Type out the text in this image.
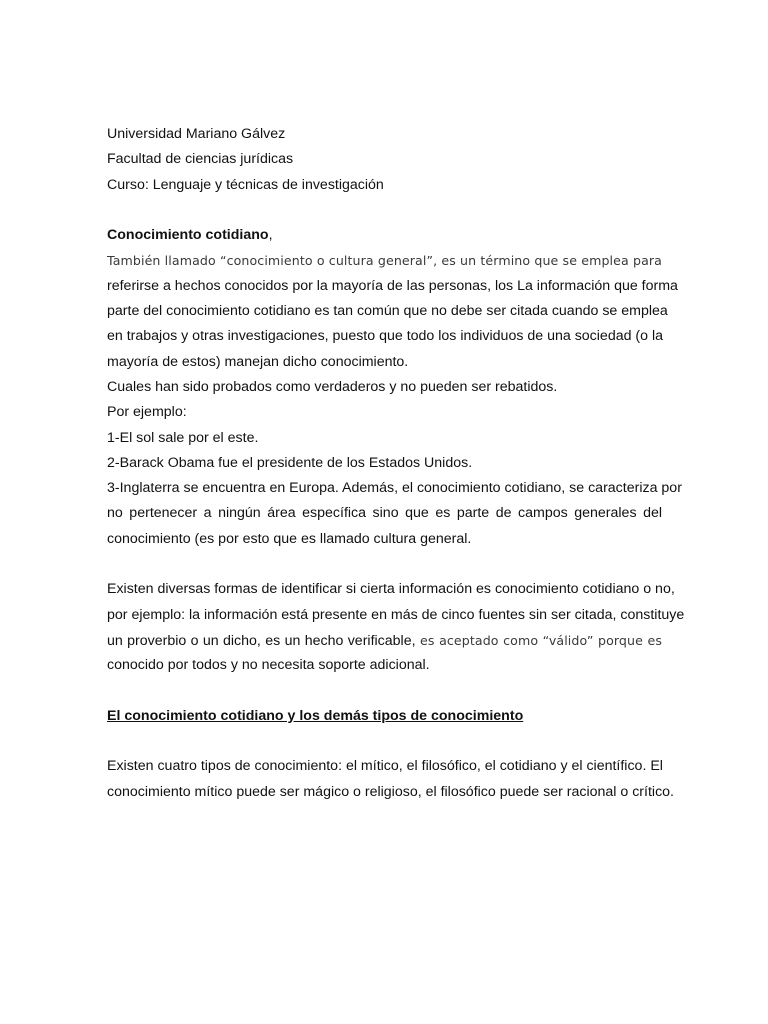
Universidad Mariano Gálvez
Facultad de ciencias jurídicas
Curso: Lenguaje y técnicas de investigación
Conocimiento cotidiano,
También llamado “conocimiento o cultura general”, es un término que se emplea para
referirse a hechos conocidos por la mayoría de las personas, los La información que forma
parte del conocimiento cotidiano es tan común que no debe ser citada cuando se emplea
en trabajos y otras investigaciones, puesto que todo los individuos de una sociedad (o la
mayoría de estos) manejan dicho conocimiento.
Cuales han sido probados como verdaderos y no pueden ser rebatidos.
Por ejemplo:
1-El sol sale por el este.
2-Barack Obama fue el presidente de los Estados Unidos.
3-Inglaterra se encuentra en Europa. Además, el conocimiento cotidiano, se caracteriza por
no pertenecer a ningún área específica sino que es parte de campos generales del
conocimiento (es por esto que es llamado cultura general.
Existen diversas formas de identificar si cierta información es conocimiento cotidiano o no,
por ejemplo: la información está presente en más de cinco fuentes sin ser citada, constituye
un proverbio o un dicho, es un hecho verificable, es aceptado como “válido” porque es
conocido por todos y no necesita soporte adicional.
El conocimiento cotidiano y los demás tipos de conocimiento
Existen cuatro tipos de conocimiento: el mítico, el filosófico, el cotidiano y el científico. El
conocimiento mítico puede ser mágico o religioso, el filosófico puede ser racional o crítico.
